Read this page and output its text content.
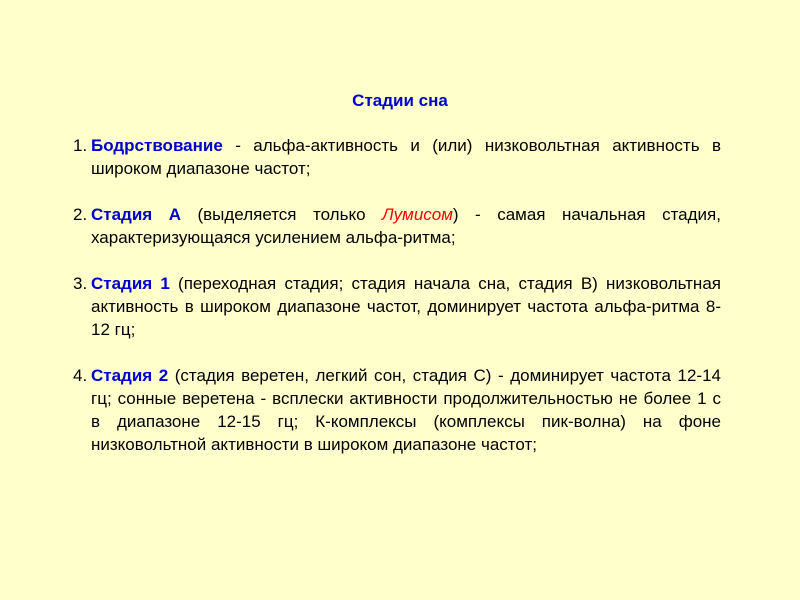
Стадии сна
1. Бодрствование - альфа-активность и (или) низковольтная активность в широком диапазоне частот;
2. Стадия А (выделяется только Лумисом) - самая начальная стадия, характеризующаяся усилением альфа-ритма;
3. Стадия 1 (переходная стадия; стадия начала сна, стадия В) низковольтная активность в широком диапазоне частот, доминирует частота альфа-ритма 8-12 гц;
4. Стадия 2 (стадия веретен, легкий сон, стадия С) - доминирует частота 12-14 гц; сонные веретена - всплески активности продолжительностью не более 1 с в диапазоне 12-15 гц; К-комплексы (комплексы пик-волна) на фоне низковольтной активности в широком диапазоне частот;
